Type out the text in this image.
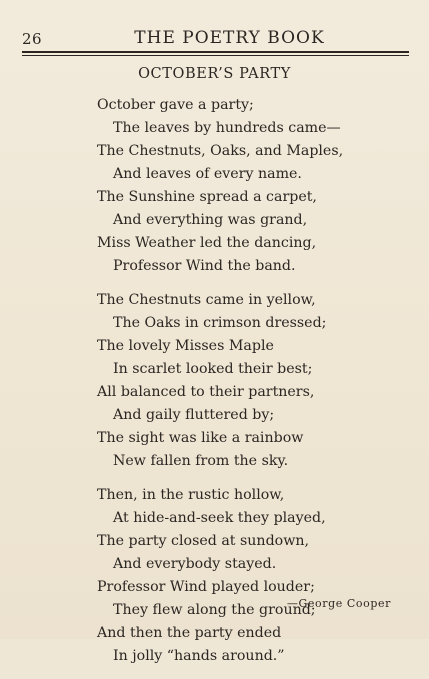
26	THE POETRY BOOK
OCTOBER’S PARTY
October gave a party;
The leaves by hundreds came—
The Chestnuts, Oaks, and Maples,
And leaves of every name.
The Sunshine spread a carpet,
And everything was grand,
Miss Weather led the dancing,
Professor Wind the band.
The Chestnuts came in yellow,
The Oaks in crimson dressed;
The lovely Misses Maple
In scarlet looked their best;
All balanced to their partners,
And gaily fluttered by;
The sight was like a rainbow
New fallen from the sky.
Then, in the rustic hollow,
At hide-and-seek they played,
The party closed at sundown,
And everybody stayed.
Professor Wind played louder;
They flew along the ground;
And then the party ended
In jolly “hands around.”
—George Cooper
